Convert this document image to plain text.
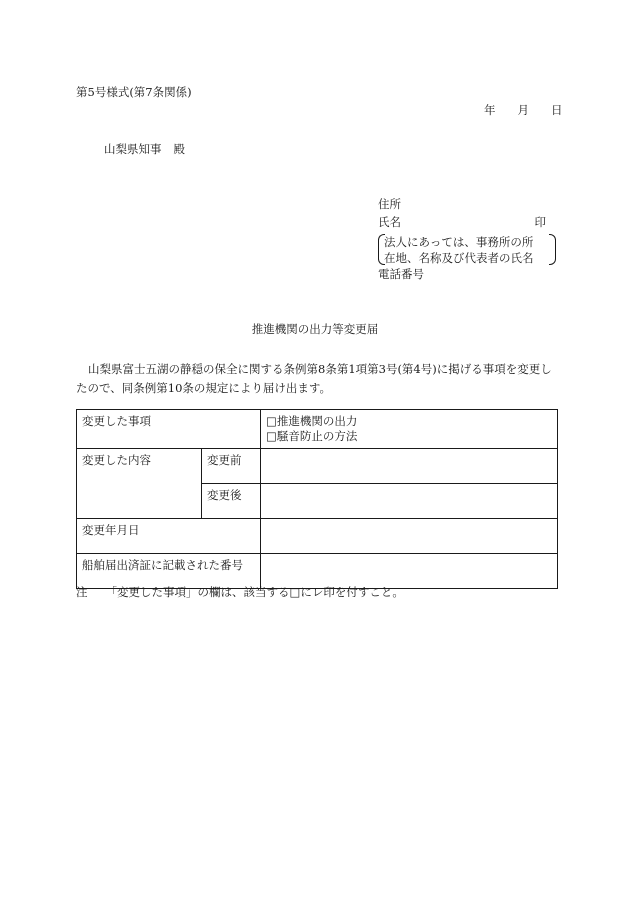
第5号様式(第7条関係)
年 月 日
山梨県知事 殿
住所
氏名	印
法人にあっては、事務所の所
在地、名称及び代表者の氏名
電話番号
推進機関の出力等変更届
山梨県富士五湖の静穏の保全に関する条例第8条第1項第3号(第4号)に掲げる事項を変更したので、同条例第10条の規定により届け出ます。
変更した事項		□推進機関の出力
□騒音防止の方法

変更した内容	変更前	
	変更後	
変更年月日		
船舶届出済証に記載された番号		
注 「変更した事項」の欄は、該当する□にレ印を付すこと。
